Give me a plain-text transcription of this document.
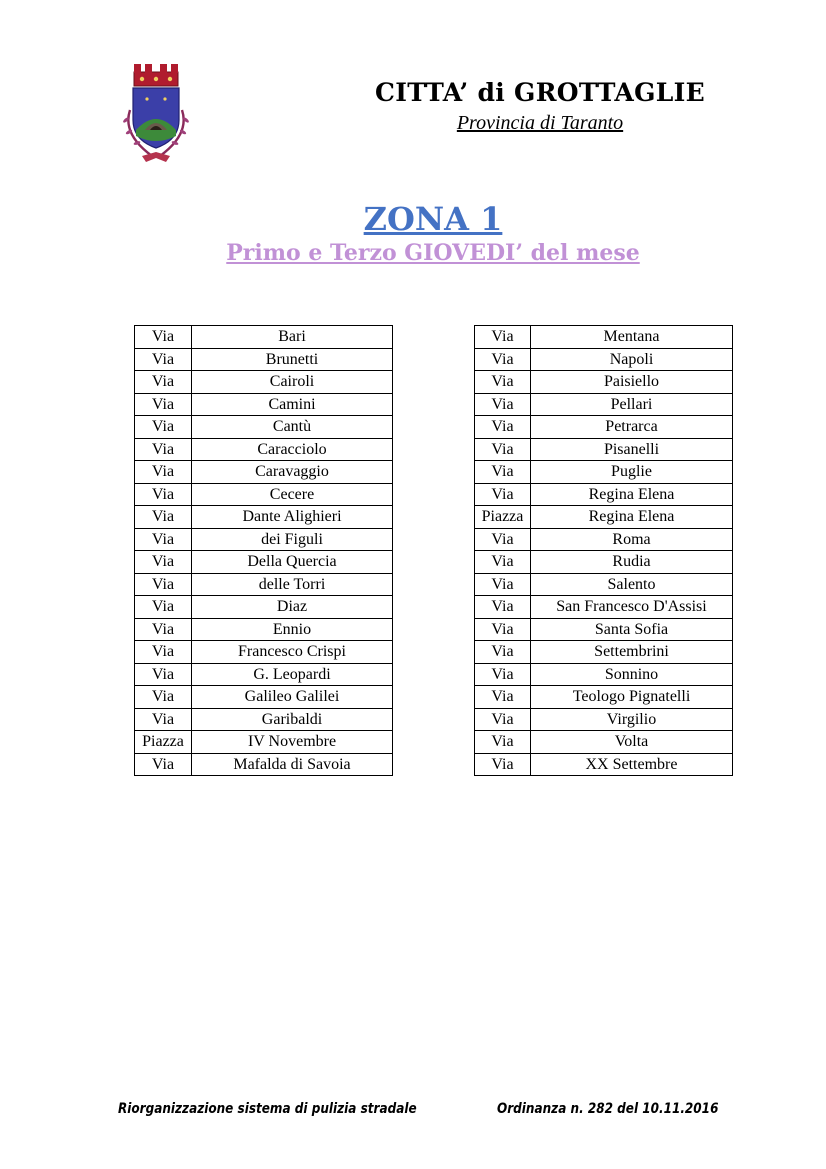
CITTA’ di GROTTAGLIE
Provincia di Taranto
ZONA 1
Primo e Terzo GIOVEDI’ del mese
Via	Bari
Via	Brunetti
Via	Cairoli
Via	Camini
Via	Cantù
Via	Caracciolo
Via	Caravaggio
Via	Cecere
Via	Dante Alighieri
Via	dei Figuli
Via	Della Quercia
Via	delle Torri
Via	Diaz
Via	Ennio
Via	Francesco Crispi
Via	G. Leopardi
Via	Galileo Galilei
Via	Garibaldi
Piazza	IV Novembre
Via	Mafalda di Savoia
Via	Mentana
Via	Napoli
Via	Paisiello
Via	Pellari
Via	Petrarca
Via	Pisanelli
Via	Puglie
Via	Regina Elena
Piazza	Regina Elena
Via	Roma
Via	Rudia
Via	Salento
Via	San Francesco D'Assisi
Via	Santa Sofia
Via	Settembrini
Via	Sonnino
Via	Teologo Pignatelli
Via	Virgilio
Via	Volta
Via	XX Settembre
Riorganizzazione sistema di pulizia stradale	Ordinanza n. 282 del 10.11.2016
